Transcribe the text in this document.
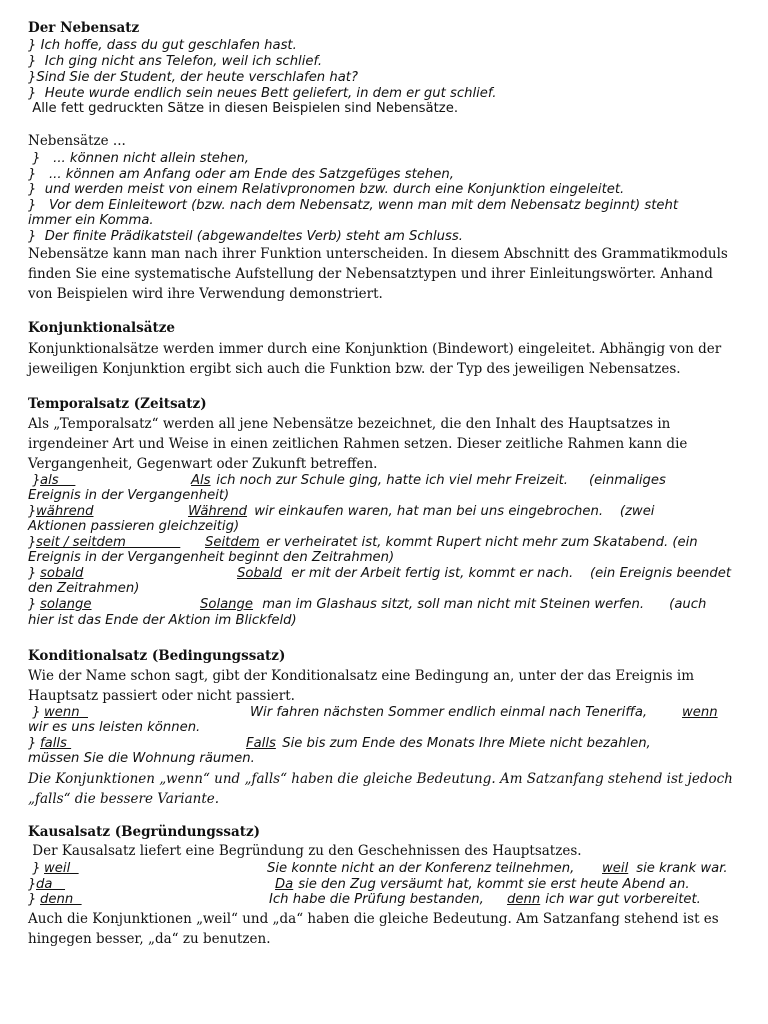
Der Nebensatz
} Ich hoffe, dass du gut geschlafen hast.
}  Ich ging nicht ans Telefon, weil ich schlief.
}Sind Sie der Student, der heute verschlafen hat?
}  Heute wurde endlich sein neues Bett geliefert, in dem er gut schlief.
Alle fett gedruckten Sätze in diesen Beispielen sind Nebensätze.
Nebensätze ...
}   ... können nicht allein stehen,
}   ... können am Anfang oder am Ende des Satzgefüges stehen,
}  und werden meist von einem Relativpronomen bzw. durch eine Konjunktion eingeleitet.
}   Vor dem Einleitewort (bzw. nach dem Nebensatz, wenn man mit dem Nebensatz beginnt) steht
immer ein Komma.
}  Der finite Prädikatsteil (abgewandeltes Verb) steht am Schluss.
Nebensätze kann man nach ihrer Funktion unterscheiden. In diesem Abschnitt des Grammatikmoduls finden Sie eine systematische Aufstellung der Nebensatztypen und ihrer Einleitungswörter. Anhand von Beispielen wird ihre Verwendung demonstriert.
Konjunktionalsätze
Konjunktionalsätze werden immer durch eine Konjunktion (Bindewort) eingeleitet. Abhängig von der jeweiligen Konjunktion ergibt sich auch die Funktion bzw. der Typ des jeweiligen Nebensatzes.
Temporalsatz (Zeitsatz)
Als „Temporalsatz“ werden all jene Nebensätze bezeichnet, die den Inhalt des Hauptsatzes in irgendeiner Art und Weise in einen zeitlichen Rahmen setzen. Dieser zeitliche Rahmen kann die Vergangenheit, Gegenwart oder Zukunft betreffen.
} als	Als ich noch zur Schule ging, hatte ich viel mehr Freizeit.     (einmaliges
Ereignis in der Vergangenheit)
} während	Während wir einkaufen waren, hat man bei uns eingebrochen.    (zwei
Aktionen passieren gleichzeitig)
} seit / seitdem Seitdem er verheiratet ist, kommt Rupert nicht mehr zum Skatabend. (ein
Ereignis in der Vergangenheit beginnt den Zeitrahmen)
} sobald	Sobald er mit der Arbeit fertig ist, kommt er nach.    (ein Ereignis beendet
den Zeitrahmen)
} solange	Solange man im Glashaus sitzt, soll man nicht mit Steinen werfen.      (auch
hier ist das Ende der Aktion im Blickfeld)
Konditionalsatz (Bedingungssatz)
Wie der Name schon sagt, gibt der Konditionalsatz eine Bedingung an, unter der das Ereignis im Hauptsatz passiert oder nicht passiert.
} wenn	Wir fahren nächsten Sommer endlich einmal nach Teneriffa, wenn
wir es uns leisten können.
} falls	Falls Sie bis zum Ende des Monats Ihre Miete nicht bezahlen,
müssen Sie die Wohnung räumen.
Die Konjunktionen „wenn“ und „falls“ haben die gleiche Bedeutung. Am Satzanfang stehend ist jedoch „falls“ die bessere Variante.
Kausalsatz (Begründungssatz)
Der Kausalsatz liefert eine Begründung zu den Geschehnissen des Hauptsatzes.
} weil	Sie konnte nicht an der Konferenz teilnehmen, weil sie krank war.
} da	Da sie den Zug versäumt hat, kommt sie erst heute Abend an.
} denn	Ich habe die Prüfung bestanden, denn ich war gut vorbereitet.
Auch die Konjunktionen „weil“ und „da“ haben die gleiche Bedeutung. Am Satzanfang stehend ist es hingegen besser, „da“ zu benutzen.
